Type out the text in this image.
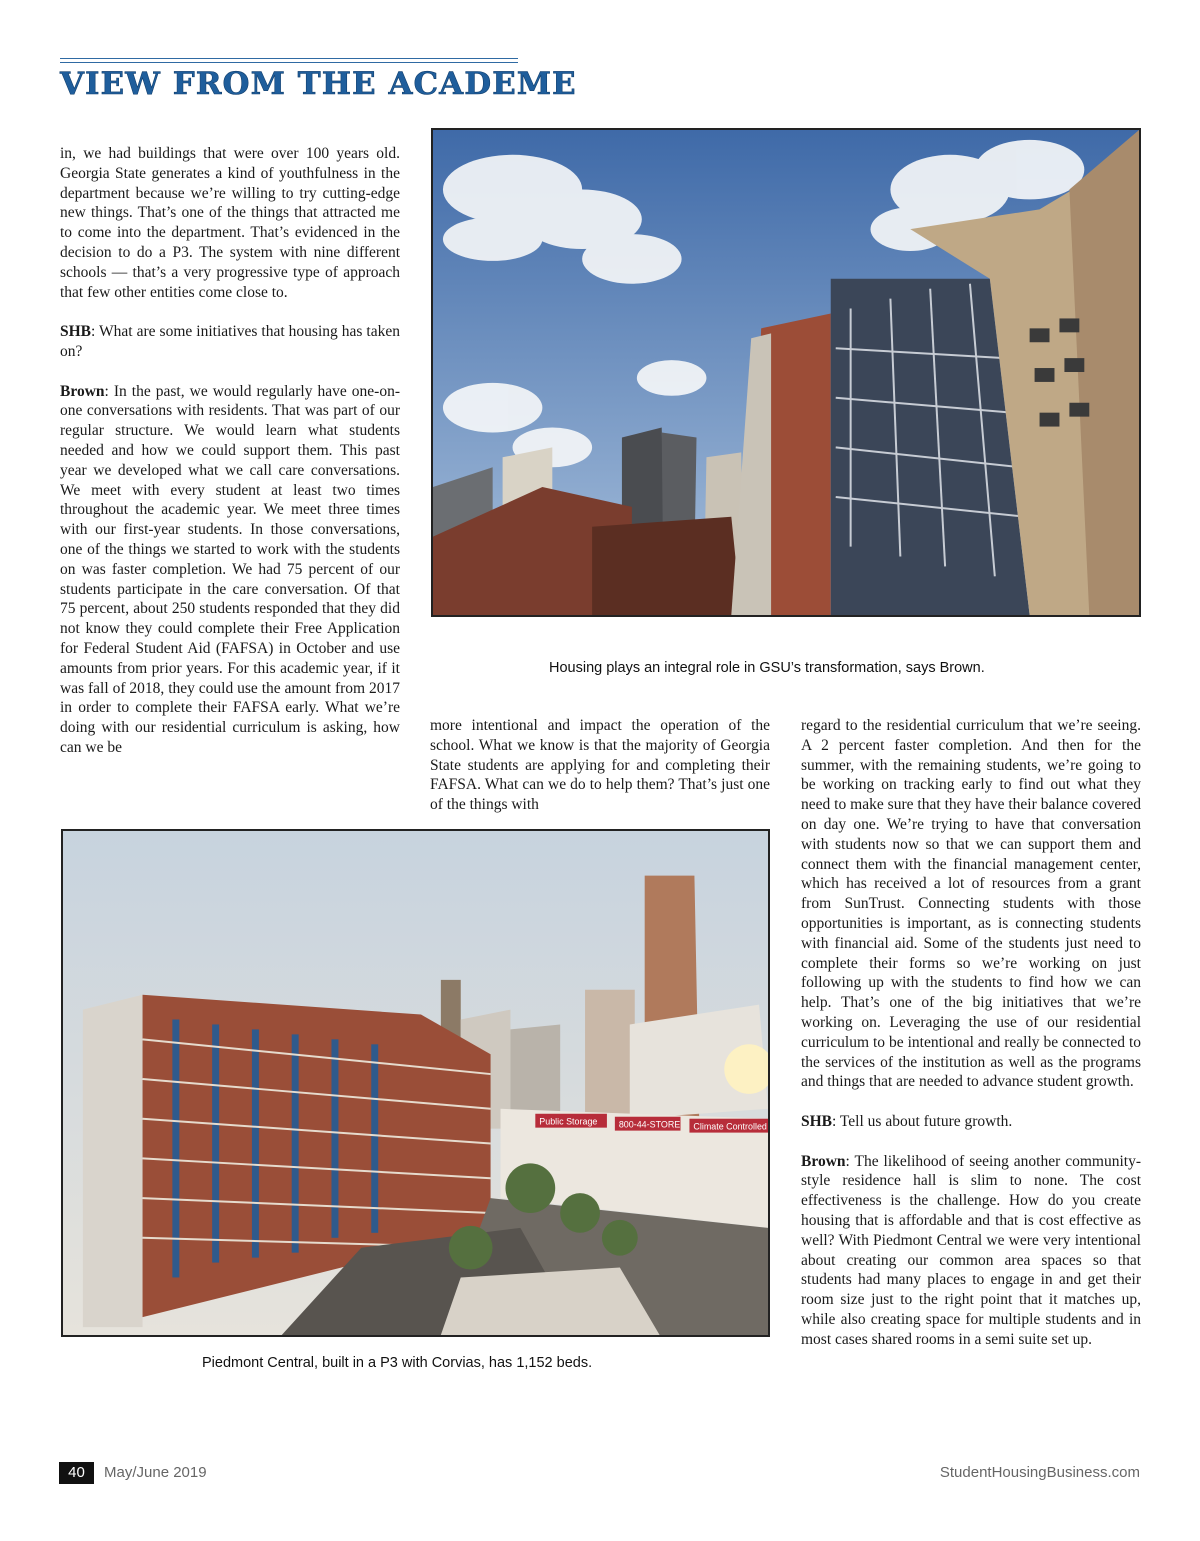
VIEW FROM THE ACADEME

in, we had buildings that were over 100 years old. Georgia State generates a kind of youthfulness in the department because we’re willing to try cutting-edge new things. That’s one of the things that attracted me to come into the department. That’s evidenced in the decision to do a P3. The system with nine different schools — that’s a very progressive type of approach that few other entities come close to.

SHB: What are some initiatives that housing has taken on?

Brown: In the past, we would regularly have one-on-one conversations with residents. That was part of our regular structure. We would learn what students needed and how we could support them. This past year we developed what we call care conversations. We meet with every student at least two times throughout the academic year. We meet three times with our first-year students. In those conversations, one of the things we started to work with the students on was faster completion. We had 75 percent of our students participate in the care conversation. Of that 75 percent, about 250 students responded that they did not know they could complete their Free Application for Federal Student Aid (FAFSA) in October and use amounts from prior years. For this academic year, if it was fall of 2018, they could use the amount from 2017 in order to complete their FAFSA early. What we’re doing with our residential curriculum is asking, how can we be

Housing plays an integral role in GSU’s transformation, says Brown.

more intentional and impact the operation of the school. What we know is that the majority of Georgia State students are applying for and completing their FAFSA. What can we do to help them? That’s just one of the things with

regard to the residential curriculum that we’re seeing. A 2 percent faster completion. And then for the summer, with the remaining students, we’re going to be working on tracking early to find out what they need to make sure that they have their balance covered on day one. We’re trying to have that conversation with students now so that we can support them and connect them with the financial management center, which has received a lot of resources from a grant from SunTrust. Connecting students with those opportunities is important, as is connecting students with financial aid. Some of the students just need to complete their forms so we’re working on just following up with the students to find how we can help. That’s one of the big initiatives that we’re working on. Leveraging the use of our residential curriculum to be intentional and really be connected to the services of the institution as well as the programs and things that are needed to advance student growth.

SHB: Tell us about future growth.

Brown: The likelihood of seeing another community-style residence hall is slim to none. The cost effectiveness is the challenge. How do you create housing that is affordable and that is cost effective as well? With Piedmont Central we were very intentional about creating our common area spaces so that students had many places to engage in and get their room size just to the right point that it matches up, while also creating space for multiple students and in most cases shared rooms in a semi suite set up.

Public Storage 800-44-STORE Climate Controlled
Piedmont Central, built in a P3 with Corvias, has 1,152 beds.
40	May/June 2019	StudentHousingBusiness.com
